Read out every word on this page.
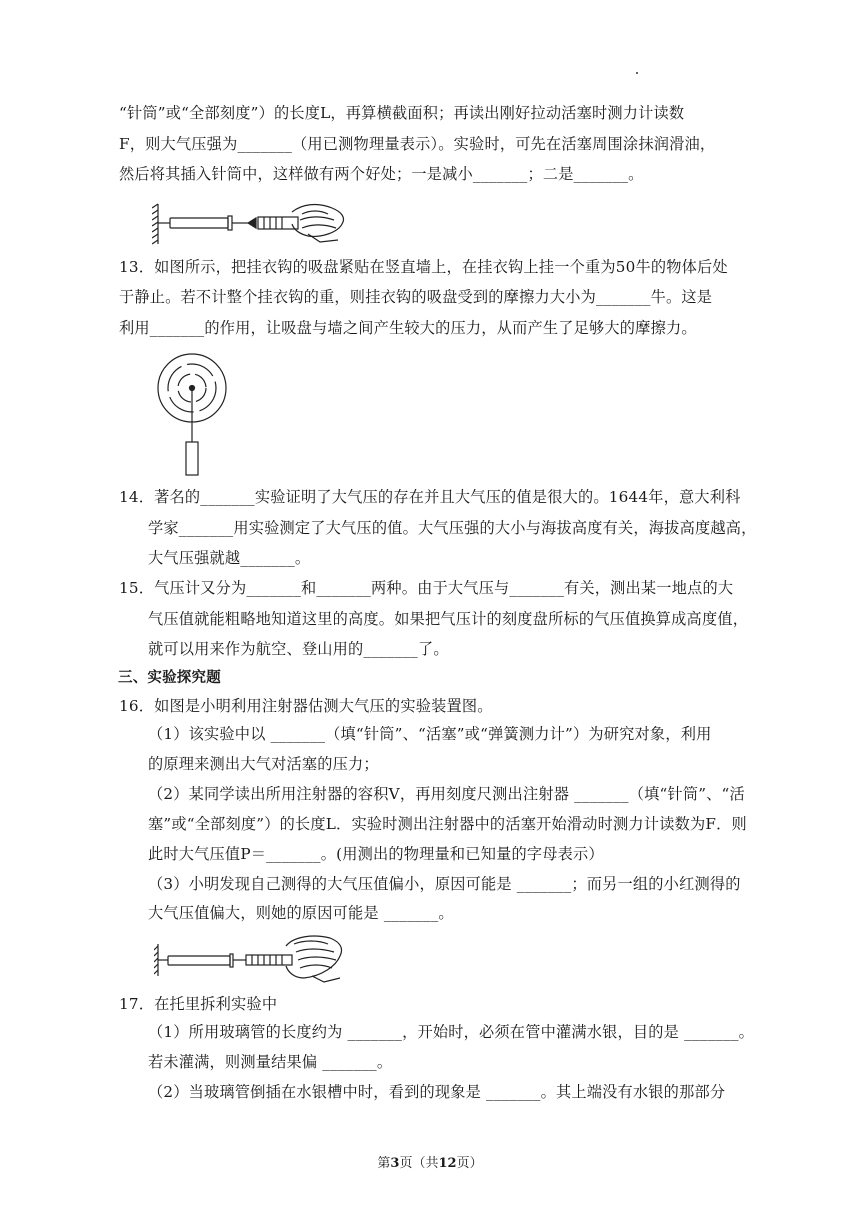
“针筒”或“全部刻度”）的长度L，再算横截面积；再读出刚好拉动活塞时测力计读数
F，则大气压强为_______（用已测物理量表示）。实验时，可先在活塞周围涂抹润滑油，
然后将其插入针筒中，这样做有两个好处；一是减小_______；二是_______。
13．如图所示，把挂衣钩的吸盘紧贴在竖直墙上，在挂衣钩上挂一个重为50牛的物体后处
于静止。若不计整个挂衣钩的重，则挂衣钩的吸盘受到的摩擦力大小为_______牛。这是
利用_______的作用，让吸盘与墙之间产生较大的压力，从而产生了足够大的摩擦力。
14．著名的_______实验证明了大气压的存在并且大气压的值是很大的。1644年，意大利科
学家_______用实验测定了大气压的值。大气压强的大小与海拔高度有关，海拔高度越高，
大气压强就越_______。
15．气压计又分为_______和_______两种。由于大气压与_______有关，测出某一地点的大
气压值就能粗略地知道这里的高度。如果把气压计的刻度盘所标的气压值换算成高度值，
就可以用来作为航空、登山用的_______了。
三、实验探究题
16．如图是小明利用注射器估测大气压的实验装置图。
（1）该实验中以 _______（填“针筒”、“活塞”或“弹簧测力计”）为研究对象，利用
的原理来测出大气对活塞的压力；
（2）某同学读出所用注射器的容积V，再用刻度尺测出注射器 _______（填“针筒”、“活
塞”或“全部刻度”）的长度L．实验时测出注射器中的活塞开始滑动时测力计读数为F．则
此时大气压值P＝_______。(用测出的物理量和已知量的字母表示）
（3）小明发现自己测得的大气压值偏小，原因可能是 _______；而另一组的小红测得的
大气压值偏大，则她的原因可能是 _______。
17．在托里拆利实验中
（1）所用玻璃管的长度约为 _______，开始时，必须在管中灌满水银，目的是 _______。
若未灌满，则测量结果偏 _______。
（2）当玻璃管倒插在水银槽中时，看到的现象是 _______。其上端没有水银的那部分
第3页（共12页）
